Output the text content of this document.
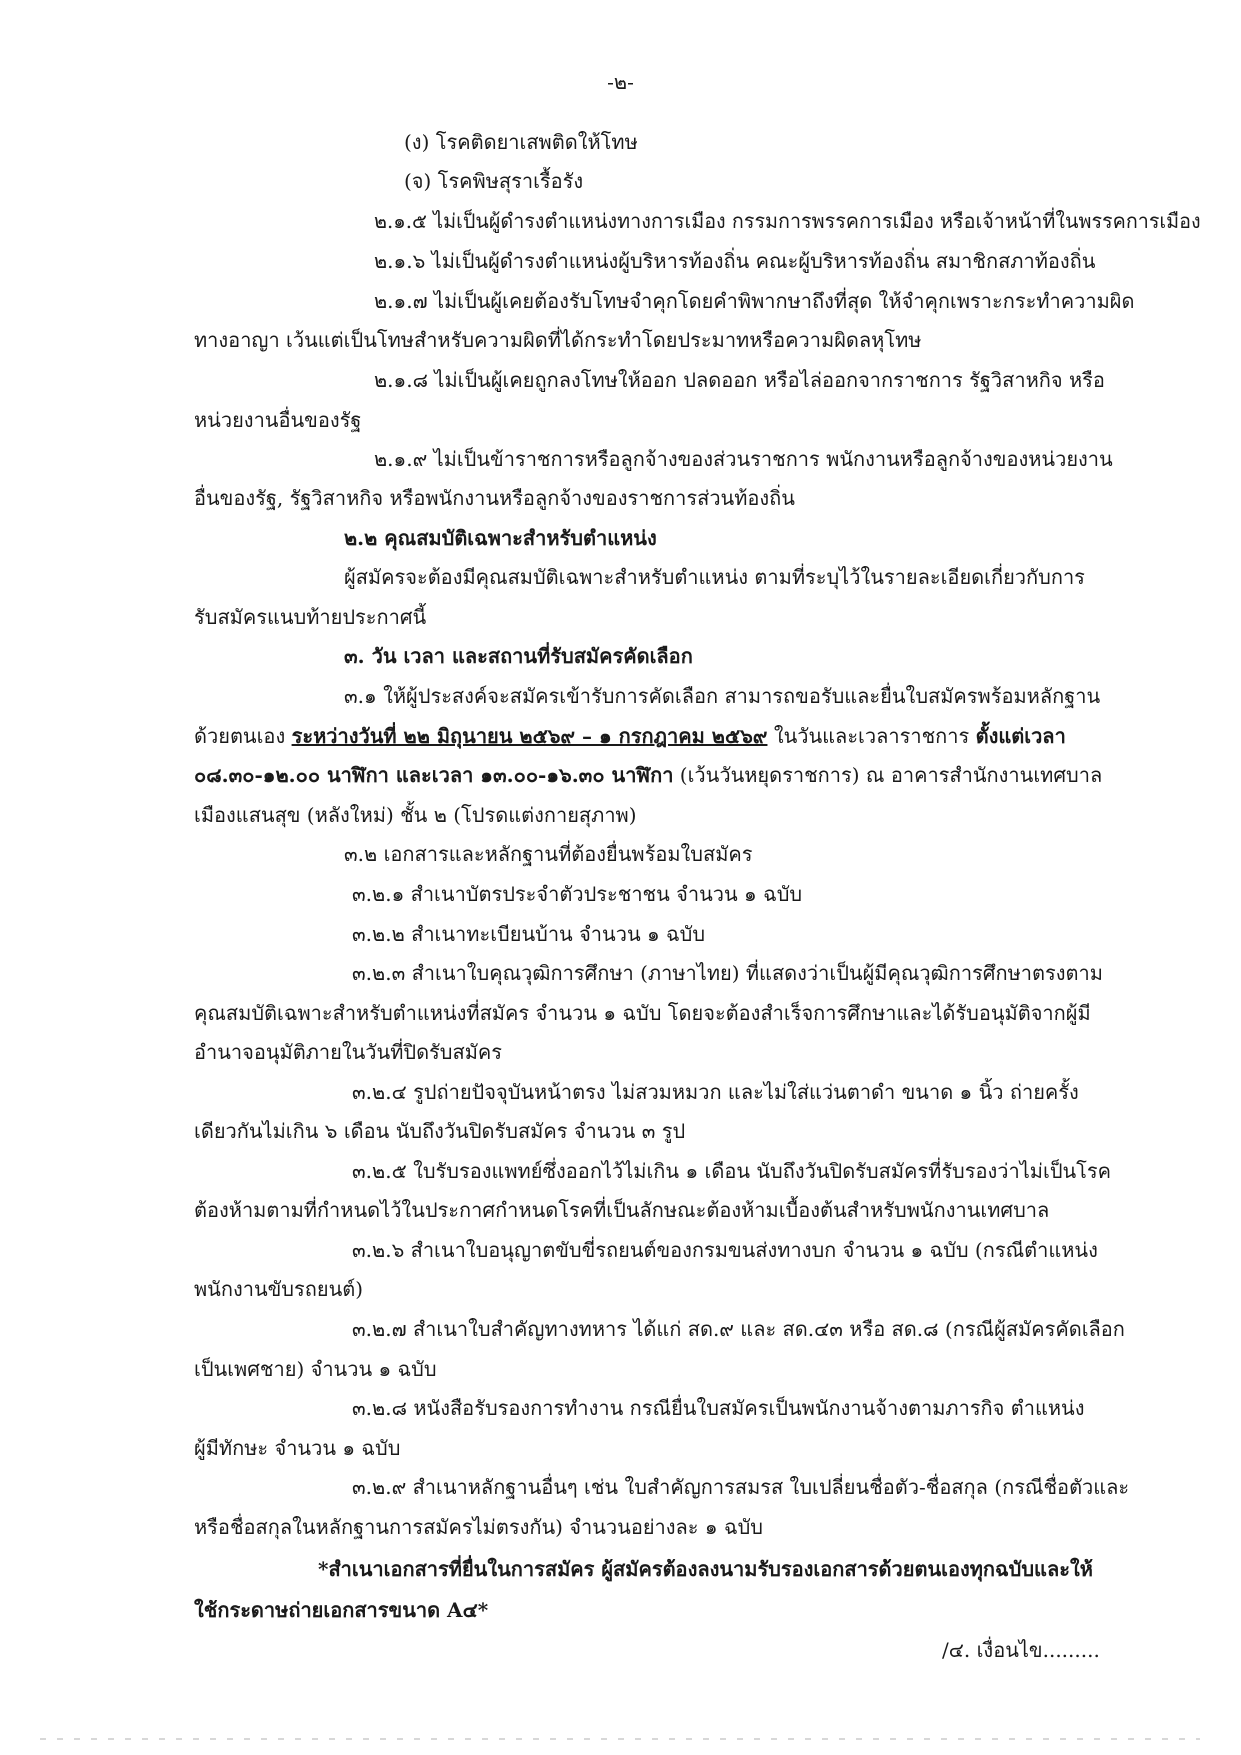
-๒-
(ง) โรคติดยาเสพติดให้โทษ
(จ) โรคพิษสุราเรื้อรัง
๒.๑.๕ ไม่เป็นผู้ดำรงตำแหน่งทางการเมือง กรรมการพรรคการเมือง หรือเจ้าหน้าที่ในพรรคการเมือง
๒.๑.๖ ไม่เป็นผู้ดำรงตำแหน่งผู้บริหารท้องถิ่น คณะผู้บริหารท้องถิ่น สมาชิกสภาท้องถิ่น
๒.๑.๗ ไม่เป็นผู้เคยต้องรับโทษจำคุกโดยคำพิพากษาถึงที่สุด ให้จำคุกเพราะกระทำความผิด
ทางอาญา เว้นแต่เป็นโทษสำหรับความผิดที่ได้กระทำโดยประมาทหรือความผิดลหุโทษ
๒.๑.๘ ไม่เป็นผู้เคยถูกลงโทษให้ออก ปลดออก หรือไล่ออกจากราชการ รัฐวิสาหกิจ หรือ
หน่วยงานอื่นของรัฐ
๒.๑.๙ ไม่เป็นข้าราชการหรือลูกจ้างของส่วนราชการ พนักงานหรือลูกจ้างของหน่วยงาน
อื่นของรัฐ, รัฐวิสาหกิจ หรือพนักงานหรือลูกจ้างของราชการส่วนท้องถิ่น
๒.๒ คุณสมบัติเฉพาะสำหรับตำแหน่ง
ผู้สมัครจะต้องมีคุณสมบัติเฉพาะสำหรับตำแหน่ง ตามที่ระบุไว้ในรายละเอียดเกี่ยวกับการ
รับสมัครแนบท้ายประกาศนี้
๓. วัน เวลา และสถานที่รับสมัครคัดเลือก
๓.๑ ให้ผู้ประสงค์จะสมัครเข้ารับการคัดเลือก สามารถขอรับและยื่นใบสมัครพร้อมหลักฐาน
ด้วยตนเอง ระหว่างวันที่ ๒๒ มิถุนายน ๒๕๖๙ – ๑ กรกฎาคม ๒๕๖๙ ในวันและเวลาราชการ ตั้งแต่เวลา
๐๘.๓๐-๑๒.๐๐ นาฬิกา และเวลา ๑๓.๐๐-๑๖.๓๐ นาฬิกา (เว้นวันหยุดราชการ) ณ อาคารสำนักงานเทศบาล
เมืองแสนสุข (หลังใหม่) ชั้น ๒ (โปรดแต่งกายสุภาพ)
๓.๒ เอกสารและหลักฐานที่ต้องยื่นพร้อมใบสมัคร
๓.๒.๑ สำเนาบัตรประจำตัวประชาชน จำนวน ๑ ฉบับ
๓.๒.๒ สำเนาทะเบียนบ้าน จำนวน ๑ ฉบับ
๓.๒.๓ สำเนาใบคุณวุฒิการศึกษา (ภาษาไทย) ที่แสดงว่าเป็นผู้มีคุณวุฒิการศึกษาตรงตาม
คุณสมบัติเฉพาะสำหรับตำแหน่งที่สมัคร จำนวน ๑ ฉบับ โดยจะต้องสำเร็จการศึกษาและได้รับอนุมัติจากผู้มี
อำนาจอนุมัติภายในวันที่ปิดรับสมัคร
๓.๒.๔ รูปถ่ายปัจจุบันหน้าตรง ไม่สวมหมวก และไม่ใส่แว่นตาดำ ขนาด ๑ นิ้ว ถ่ายครั้ง
เดียวกันไม่เกิน ๖ เดือน นับถึงวันปิดรับสมัคร จำนวน ๓ รูป
๓.๒.๕ ใบรับรองแพทย์ซึ่งออกไว้ไม่เกิน ๑ เดือน นับถึงวันปิดรับสมัครที่รับรองว่าไม่เป็นโรค
ต้องห้ามตามที่กำหนดไว้ในประกาศกำหนดโรคที่เป็นลักษณะต้องห้ามเบื้องต้นสำหรับพนักงานเทศบาล
๓.๒.๖ สำเนาใบอนุญาตขับขี่รถยนต์ของกรมขนส่งทางบก จำนวน ๑ ฉบับ (กรณีตำแหน่ง
พนักงานขับรถยนต์)
๓.๒.๗ สำเนาใบสำคัญทางทหาร ได้แก่ สด.๙ และ สด.๔๓ หรือ สด.๘ (กรณีผู้สมัครคัดเลือก
เป็นเพศชาย) จำนวน ๑ ฉบับ
๓.๒.๘ หนังสือรับรองการทำงาน กรณียื่นใบสมัครเป็นพนักงานจ้างตามภารกิจ ตำแหน่ง
ผู้มีทักษะ จำนวน ๑ ฉบับ
๓.๒.๙ สำเนาหลักฐานอื่นๆ เช่น ใบสำคัญการสมรส ใบเปลี่ยนชื่อตัว-ชื่อสกุล (กรณีชื่อตัวและ
หรือชื่อสกุลในหลักฐานการสมัครไม่ตรงกัน) จำนวนอย่างละ ๑ ฉบับ
*สำเนาเอกสารที่ยื่นในการสมัคร ผู้สมัครต้องลงนามรับรองเอกสารด้วยตนเองทุกฉบับและให้
ใช้กระดาษถ่ายเอกสารขนาด A๔*
/๔. เงื่อนไข.........
